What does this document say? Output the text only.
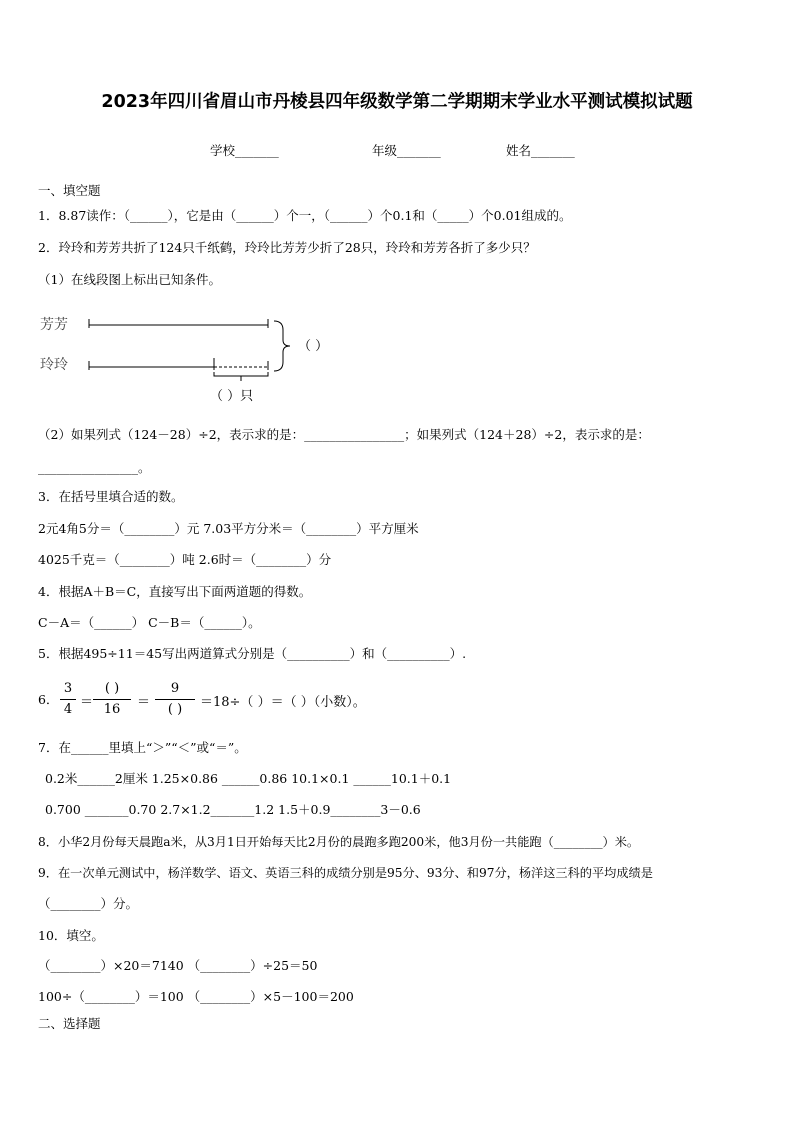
2023年四川省眉山市丹棱县四年级数学第二学期期末学业水平测试模拟试题
学校_______	年级_______	姓名_______
一、填空题
1．8.87读作：（______），它是由（______）个一，（______）个0.1和（_____）个0.01组成的。
2．玲玲和芳芳共折了124只千纸鹤，玲玲比芳芳少折了28只，玲玲和芳芳各折了多少只？
（1）在线段图上标出已知条件。
芳芳
玲玲
（ ）
（ ）只
（2）如果列式（124－28）÷2，表示求的是：________________；如果列式（124＋28）÷2，表示求的是：
________________。
3．在括号里填合适的数。
2元4角5分＝（________）元 7.03平方分米＝（________）平方厘米
4025千克＝（________）吨 2.6时＝（________）分
4．根据A＋B＝C，直接写出下面两道题的得数。
C－A＝（______） C－B＝（______）。
5．根据495÷11＝45写出两道算式分别是（__________）和（__________）.
6．
3
4 ＝
( )
16 ＝
9
( ) ＝18÷（ ）＝（ ）（小数）。
7．在______里填上“＞”“＜”或“＝”。
0.2米______2厘米 1.25×0.86 ______0.86 10.1×0.1 ______10.1＋0.1
0.700 _______0.70 2.7×1.2_______1.2 1.5＋0.9________3－0.6
8．小华2月份每天晨跑a米，从3月1日开始每天比2月份的晨跑多跑200米，他3月份一共能跑（________）米。
9．在一次单元测试中，杨洋数学、语文、英语三科的成绩分别是95分、93分、和97分，杨洋这三科的平均成绩是
（________）分。
10．填空。
（________）×20＝7140 （________）÷25＝50
100÷（________）＝100 （________）×5－100＝200
二、选择题
